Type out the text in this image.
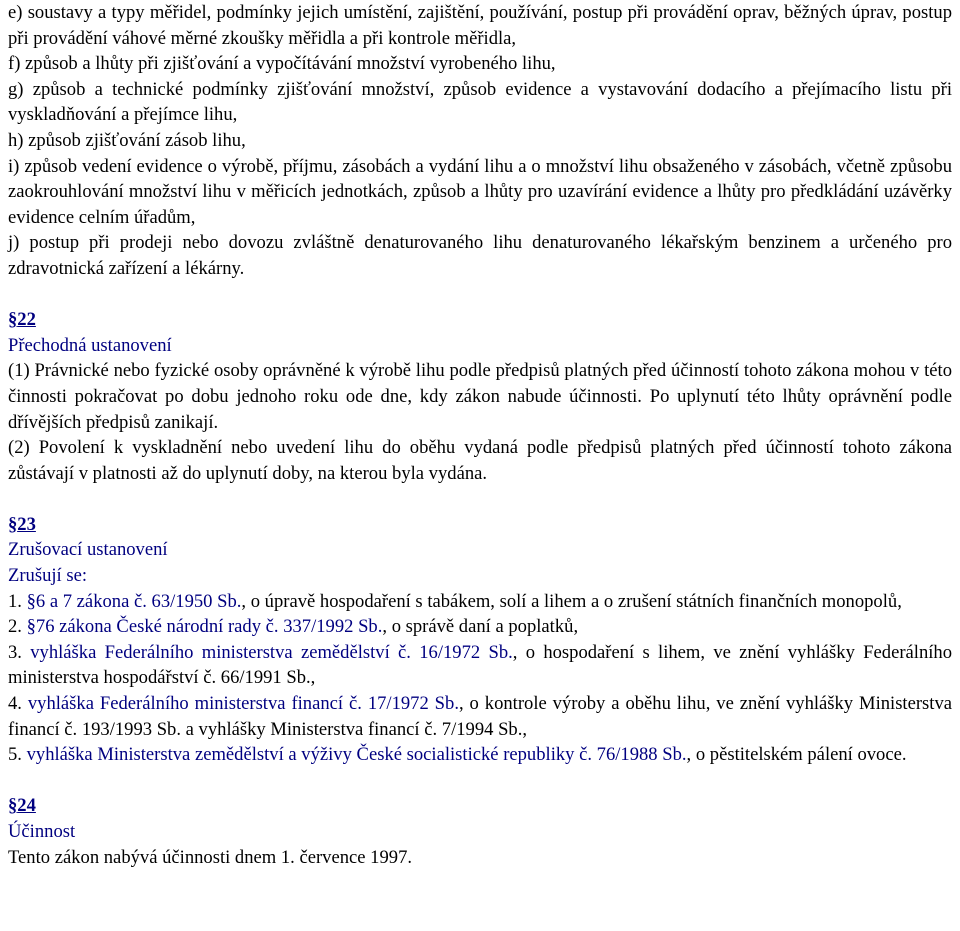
e) soustavy a typy měřidel, podmínky jejich umístění, zajištění, používání, postup při provádění oprav, běžných úprav, postup při provádění váhové měrné zkoušky měřidla a při kontrole měřidla,

f) způsob a lhůty při zjišťování a vypočítávání množství vyrobeného lihu,

g) způsob a technické podmínky zjišťování množství, způsob evidence a vystavování dodacího a přejímacího listu při vyskladňování a přejímce lihu,

h) způsob zjišťování zásob lihu,

i) způsob vedení evidence o výrobě, příjmu, zásobách a vydání lihu a o množství lihu obsaženého v zásobách, včetně způsobu zaokrouhlování množství lihu v měřicích jednotkách, způsob a lhůty pro uzavírání evidence a lhůty pro předkládání uzávěrky evidence celním úřadům,

j) postup při prodeji nebo dovozu zvláštně denaturovaného lihu denaturovaného lékařským benzinem a určeného pro zdravotnická zařízení a lékárny.

§22

Přechodná ustanovení

(1) Právnické nebo fyzické osoby oprávněné k výrobě lihu podle předpisů platných před účinností tohoto zákona mohou v této činnosti pokračovat po dobu jednoho roku ode dne, kdy zákon nabude účinnosti. Po uplynutí této lhůty oprávnění podle dřívějších předpisů zanikají.

(2) Povolení k vyskladnění nebo uvedení lihu do oběhu vydaná podle předpisů platných před účinností tohoto zákona zůstávají v platnosti až do uplynutí doby, na kterou byla vydána.

§23

Zrušovací ustanovení

Zrušují se:

1. §6 a 7 zákona č. 63/1950 Sb., o úpravě hospodaření s tabákem, solí a lihem a o zrušení státních finančních monopolů,

2. §76 zákona České národní rady č. 337/1992 Sb., o správě daní a poplatků,

3. vyhláška Federálního ministerstva zemědělství č. 16/1972 Sb., o hospodaření s lihem, ve znění vyhlášky Federálního ministerstva hospodářství č. 66/1991 Sb.,

4. vyhláška Federálního ministerstva financí č. 17/1972 Sb., o kontrole výroby a oběhu lihu, ve znění vyhlášky Ministerstva financí č. 193/1993 Sb. a vyhlášky Ministerstva financí č. 7/1994 Sb.,

5. vyhláška Ministerstva zemědělství a výživy České socialistické republiky č. 76/1988 Sb., o pěstitelském pálení ovoce.

§24

Účinnost

Tento zákon nabývá účinnosti dnem 1. července 1997.
